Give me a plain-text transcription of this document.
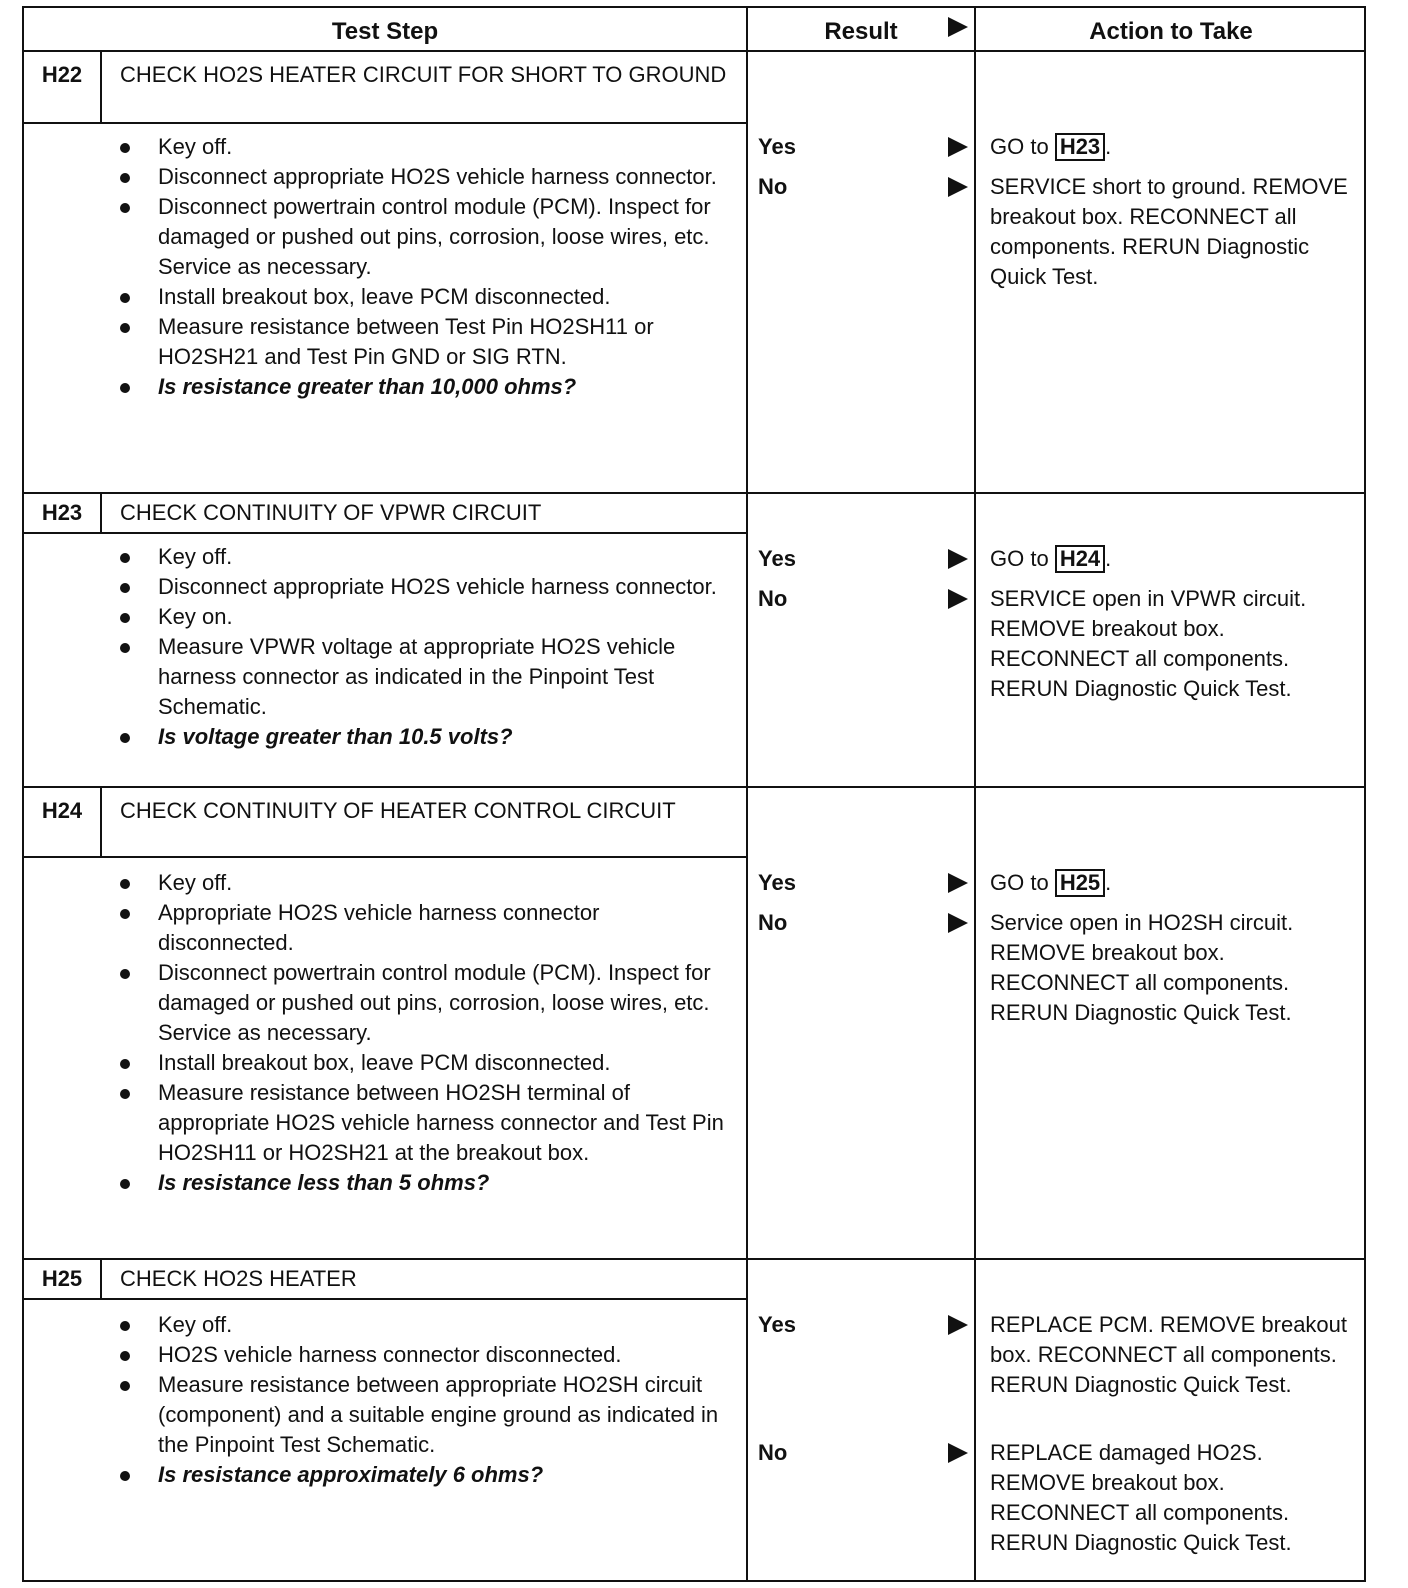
Test Step	Result	Action to Take
H22	CHECK HO2S HEATER CIRCUIT FOR SHORT TO GROUND
Key off.
Disconnect appropriate HO2S vehicle harness connector.
Disconnect powertrain control module (PCM). Inspect for damaged or pushed out pins, corrosion, loose wires, etc. Service as necessary.
Install breakout box, leave PCM disconnected.
Measure resistance between Test Pin HO2SH11 or HO2SH21 and Test Pin GND or SIG RTN.
Is resistance greater than 10,000 ohms?
Yes	GO to H23 .
No	SERVICE short to ground. REMOVE breakout box. RECONNECT all components. RERUN Diagnostic Quick Test.
H23	CHECK CONTINUITY OF VPWR CIRCUIT
Key off.
Disconnect appropriate HO2S vehicle harness connector.
Key on.
Measure VPWR voltage at appropriate HO2S vehicle harness connector as indicated in the Pinpoint Test Schematic.
Is voltage greater than 10.5 volts?
Yes	GO to H24 .
No	SERVICE open in VPWR circuit. REMOVE breakout box. RECONNECT all components. RERUN Diagnostic Quick Test.
H24	CHECK CONTINUITY OF HEATER CONTROL CIRCUIT
Key off.
Appropriate HO2S vehicle harness connector disconnected.
Disconnect powertrain control module (PCM). Inspect for damaged or pushed out pins, corrosion, loose wires, etc. Service as necessary.
Install breakout box, leave PCM disconnected.
Measure resistance between HO2SH terminal of appropriate HO2S vehicle harness connector and Test Pin HO2SH11 or HO2SH21 at the breakout box.
Is resistance less than 5 ohms?
Yes	GO to H25 .
No	Service open in HO2SH circuit. REMOVE breakout box. RECONNECT all components. RERUN Diagnostic Quick Test.
H25	CHECK HO2S HEATER
Key off.
HO2S vehicle harness connector disconnected.
Measure resistance between appropriate HO2SH circuit (component) and a suitable engine ground as indicated in the Pinpoint Test Schematic.
Is resistance approximately 6 ohms?
Yes	REPLACE PCM. REMOVE breakout box. RECONNECT all components. RERUN Diagnostic Quick Test.
No	REPLACE damaged HO2S. REMOVE breakout box. RECONNECT all components. RERUN Diagnostic Quick Test.
